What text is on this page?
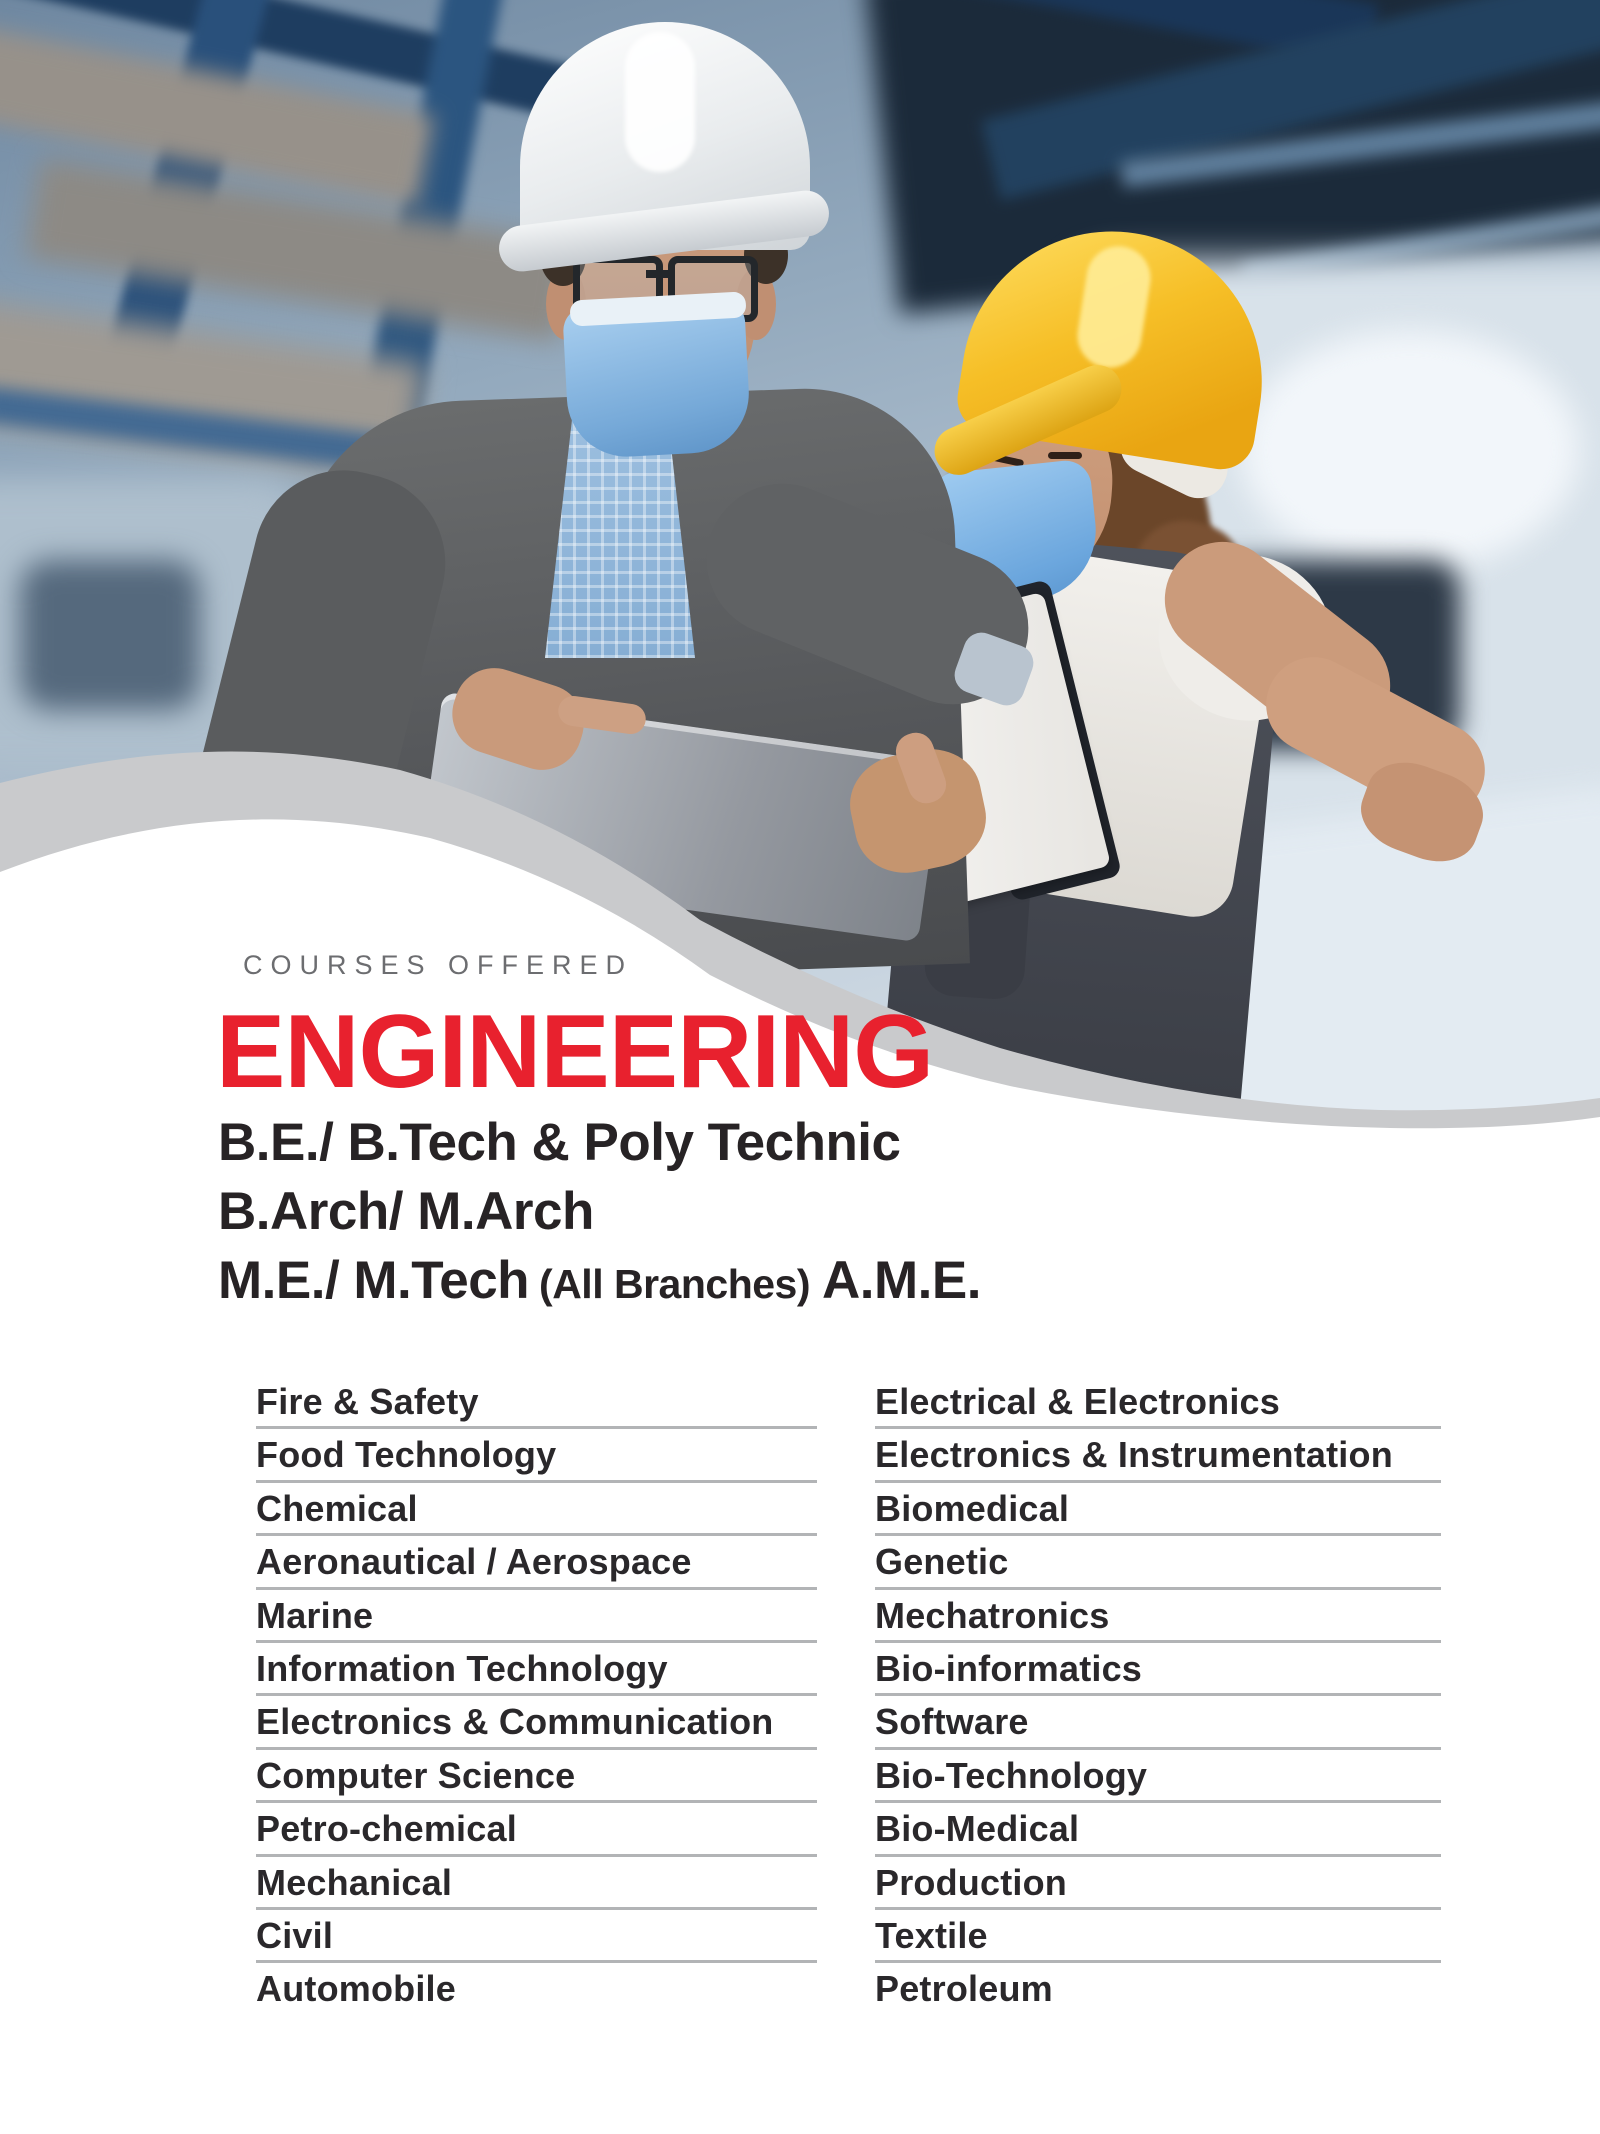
COURSES OFFERED
ENGINEERING
B.E./ B.Tech & Poly Technic
B.Arch/ M.Arch
M.E./ M.Tech (All Branches) A.M.E.
Fire & Safety
Food Technology
Chemical
Aeronautical / Aerospace
Marine
Information Technology
Electronics & Communication
Computer Science
Petro-chemical
Mechanical
Civil
Automobile
Electrical & Electronics
Electronics & Instrumentation
Biomedical
Genetic
Mechatronics
Bio-informatics
Software
Bio-Technology
Bio-Medical
Production
Textile
Petroleum
